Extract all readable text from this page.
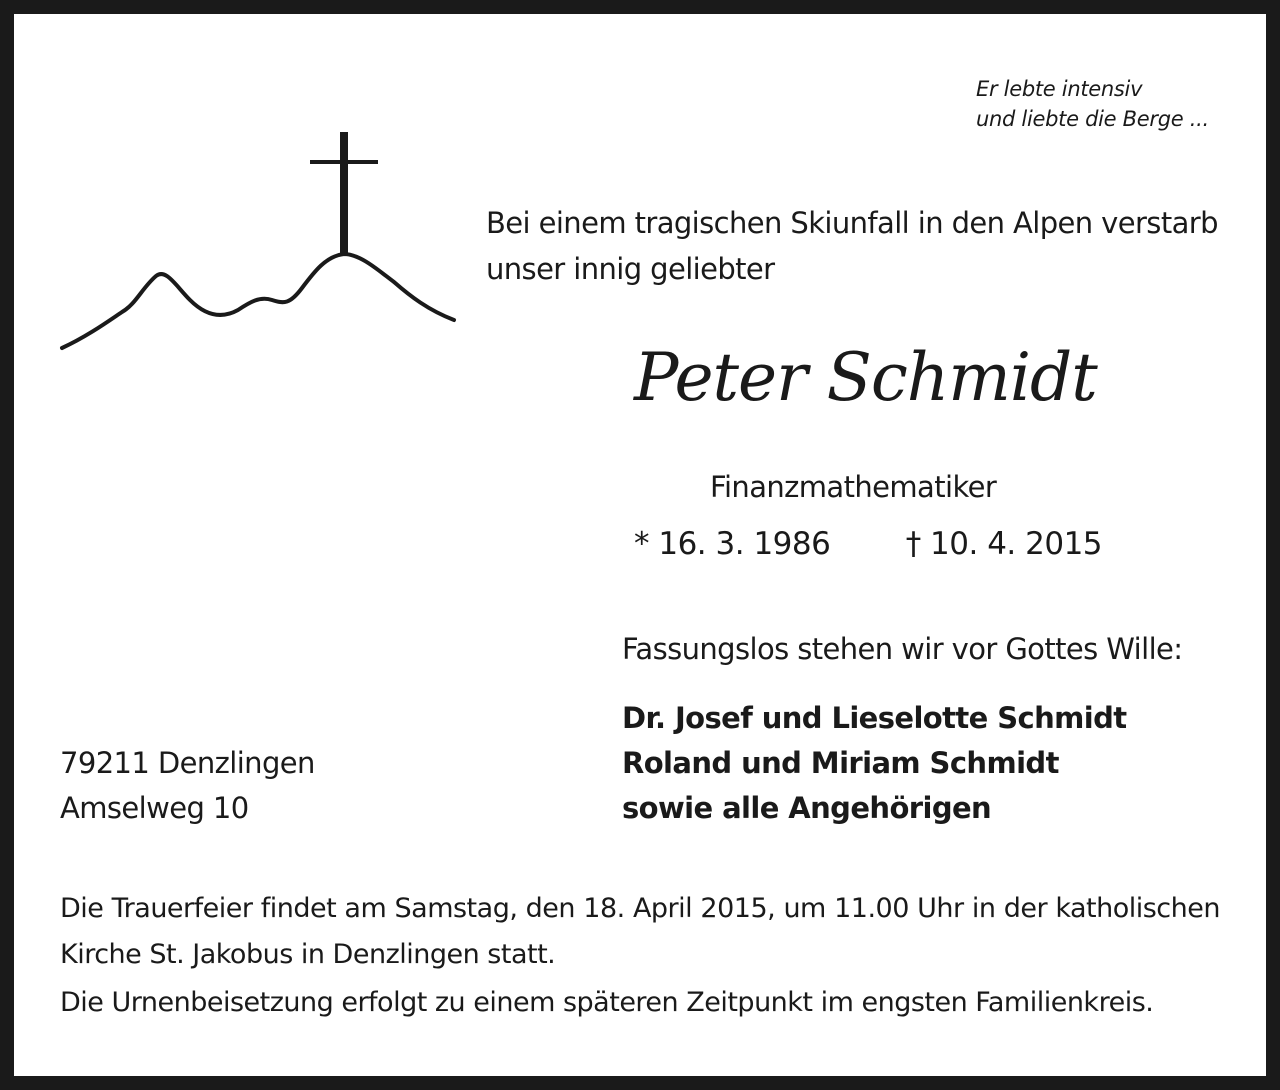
Er lebte intensiv
und liebte die Berge ...
Bei einem tragischen Skiunfall in den Alpen verstarb
unser innig geliebter
Peter Schmidt
Finanzmathematiker
* 16. 3. 1986 † 10. 4. 2015
Fassungslos stehen wir vor Gottes Wille:
Dr. Josef und Lieselotte Schmidt
Roland und Miriam Schmidt
sowie alle Angehörigen
79211 Denzlingen
Amselweg 10
Die Trauerfeier findet am Samstag, den 18. April 2015, um 11.00 Uhr in der katholischen Kirche St. Jakobus in Denzlingen statt.
Die Urnenbeisetzung erfolgt zu einem späteren Zeitpunkt im engsten Familienkreis.
